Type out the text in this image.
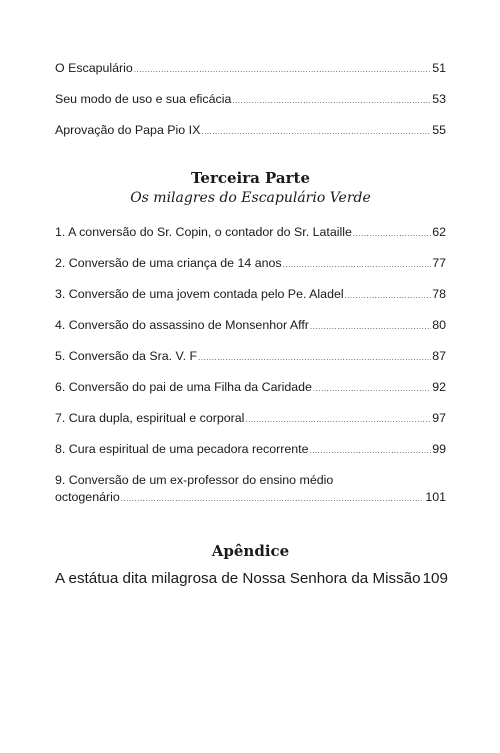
O Escapulário .....	51
Seu modo de uso e sua eficácia .....	53
Aprovação do Papa Pio IX .....	55
Terceira Parte
Os milagres do Escapulário Verde
1. A conversão do Sr. Copin, o contador do Sr. Lataille .....	62
2. Conversão de uma criança de 14 anos .....	77
3. Conversão de uma jovem contada pelo Pe. Aladel .....	78
4. Conversão do assassino de Monsenhor Affr .....	80
5. Conversão da Sra. V. F .....	87
6. Conversão do pai de uma Filha da Caridade .....	92
7. Cura dupla, espiritual e corporal .....	97
8. Cura espiritual de uma pecadora recorrente .....	99
9. Conversão de um ex-professor do ensino médio
octogenário .....	101
Apêndice
A estátua dita milagrosa de Nossa Senhora da Missão 109
